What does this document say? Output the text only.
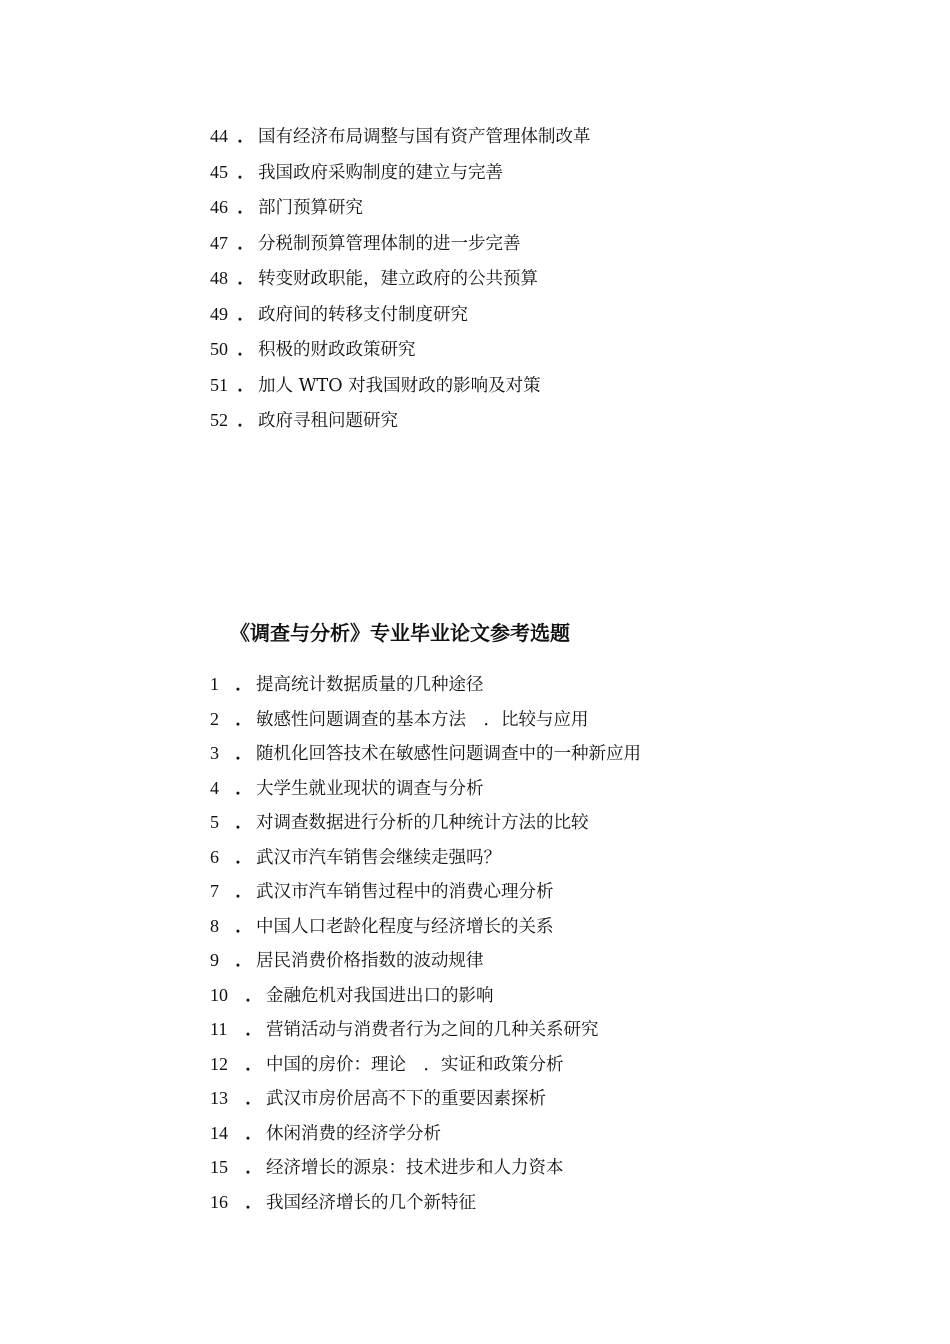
44 ． 国有经济布局调整与国有资产管理体制改革
45 ． 我国政府采购制度的建立与完善
46 ． 部门预算研究
47 ． 分税制预算管理体制的进一步完善
48 ． 转变财政职能，建立政府的公共预算
49 ． 政府间的转移支付制度研究
50 ． 积极的财政政策研究
51 ． 加人 WTO 对我国财政的影响及对策
52 ． 政府寻租问题研究
《调查与分析》专业毕业论文参考选题
1 ． 提高统计数据质量的几种途径
2 ． 敏感性问题调查的基本方法　．比较与应用
3 ． 随机化回答技术在敏感性问题调查中的一种新应用
4 ． 大学生就业现状的调查与分析
5 ． 对调查数据进行分析的几种统计方法的比较
6 ． 武汉市汽车销售会继续走强吗？
7 ． 武汉市汽车销售过程中的消费心理分析
8 ． 中国人口老龄化程度与经济增长的关系
9 ． 居民消费价格指数的波动规律
10 ． 金融危机对我国进出口的影响
11 ． 营销活动与消费者行为之间的几种关系研究
12 ． 中国的房价：理论　．实证和政策分析
13 ． 武汉市房价居高不下的重要因素探析
14 ． 休闲消费的经济学分析
15 ． 经济增长的源泉：技术进步和人力资本
16 ． 我国经济增长的几个新特征
